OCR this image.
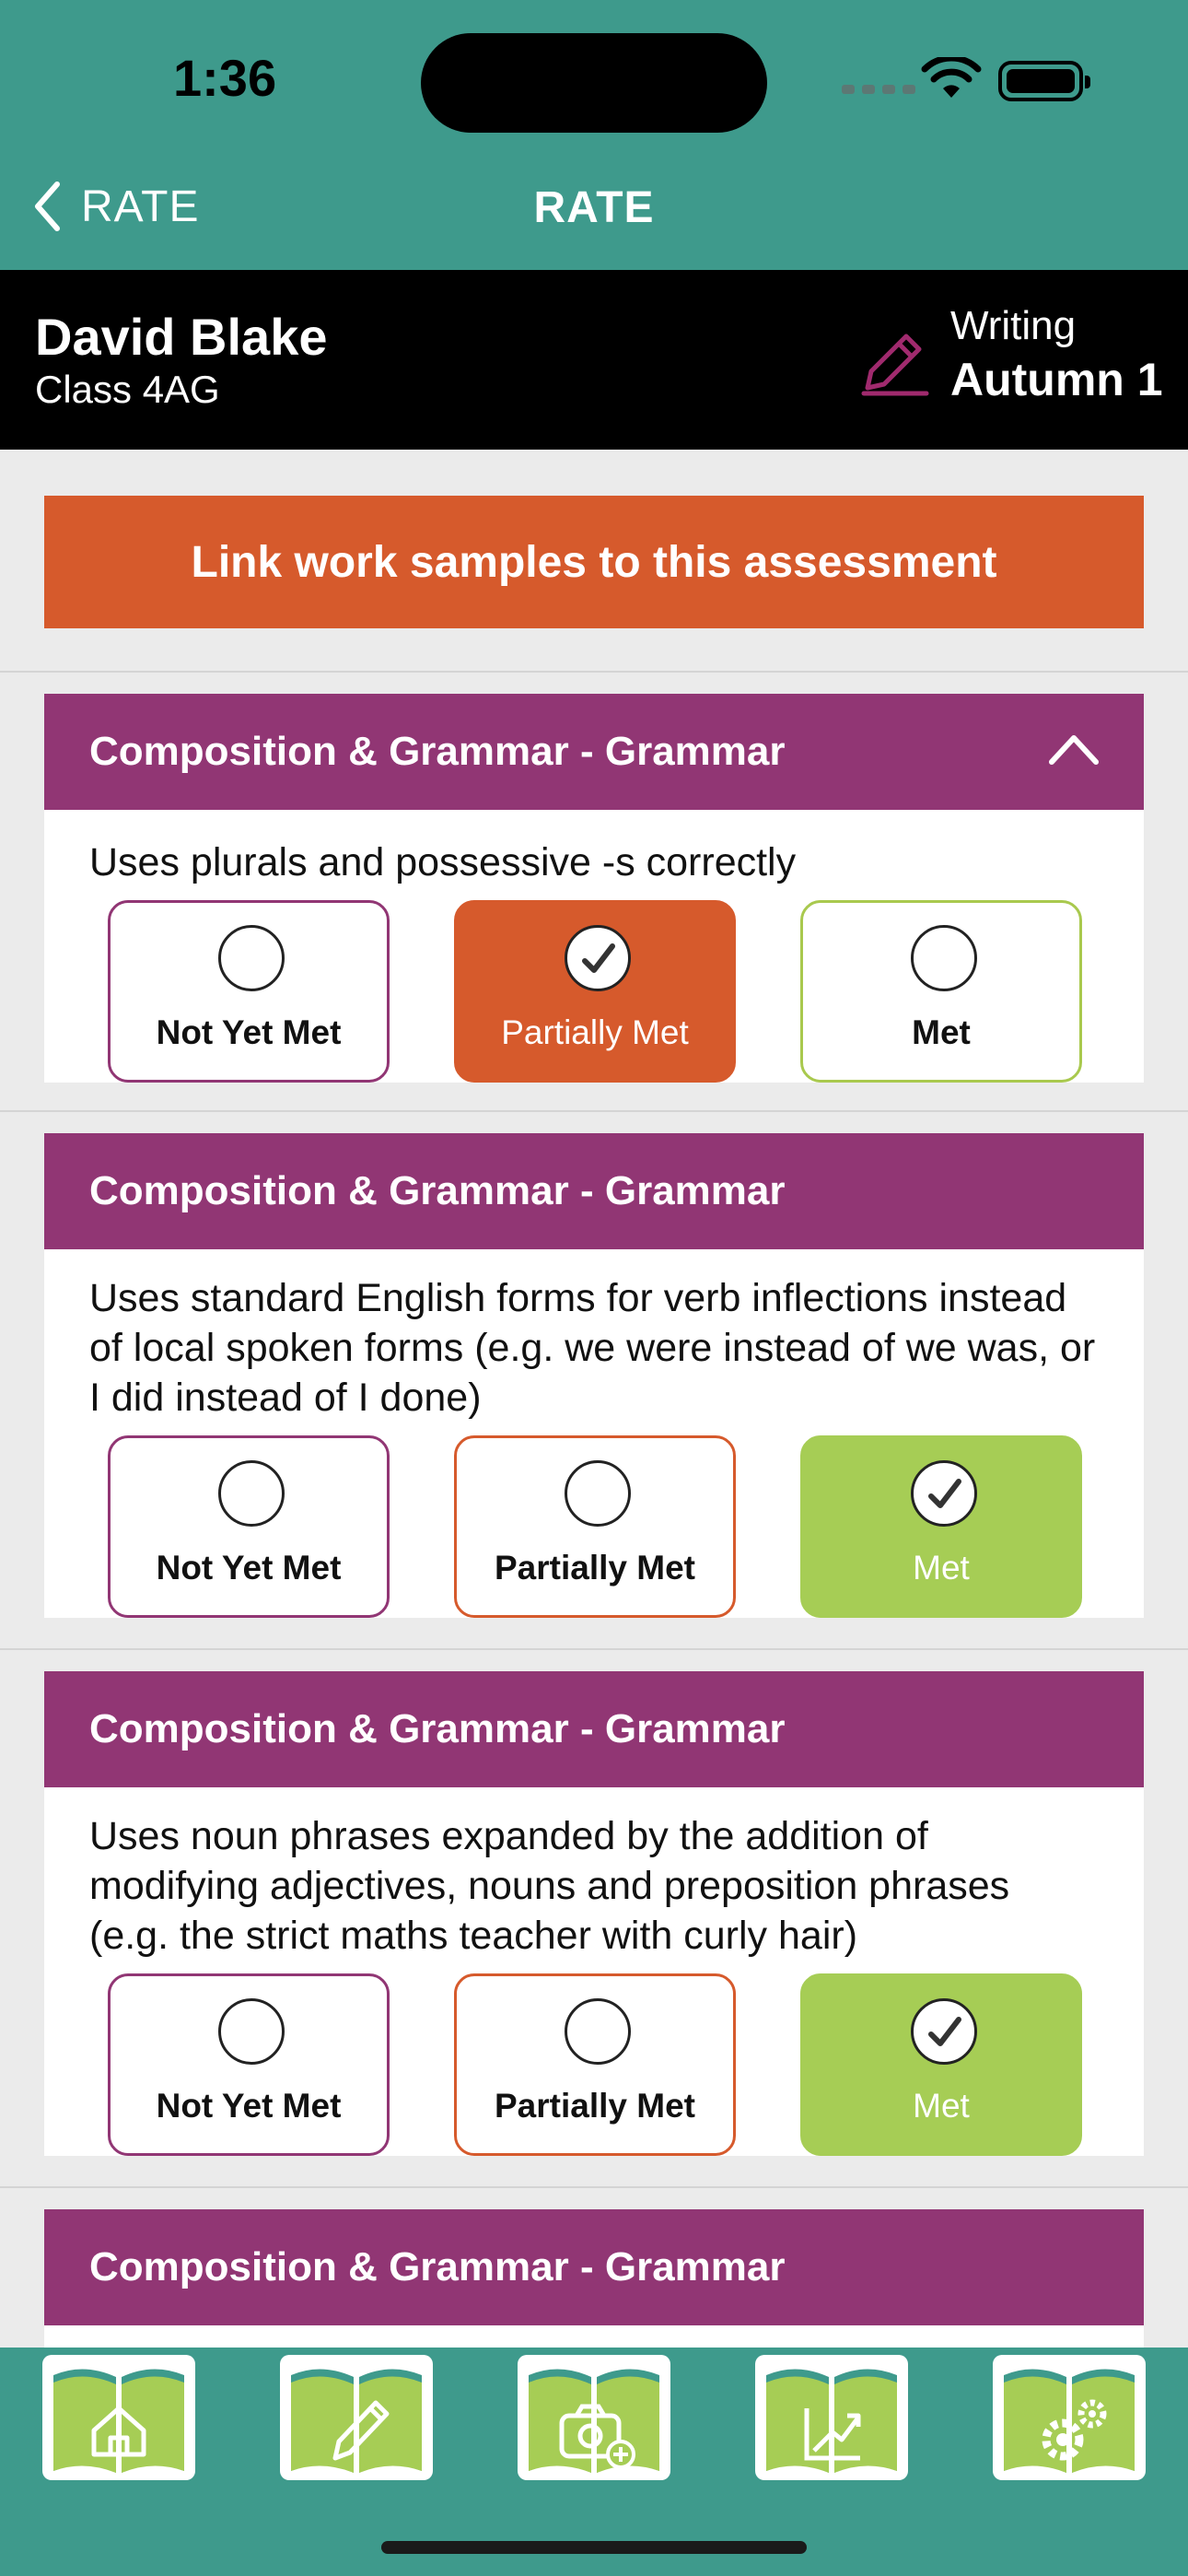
1:36
RATE	RATE
David Blake
Class 4AG
Writing
Autumn 1
Link work samples to this assessment
Composition & Grammar - Grammar
Uses plurals and possessive -s correctly
Not Yet Met	Partially Met	Met
Composition & Grammar - Grammar
Uses standard English forms for verb inflections instead of local spoken forms (e.g. we were instead of we was, or I did instead of I done)
Not Yet Met	Partially Met	Met
Composition & Grammar - Grammar
Uses noun phrases expanded by the addition of modifying adjectives, nouns and preposition phrases (e.g. the strict maths teacher with curly hair)
Not Yet Met	Partially Met	Met
Composition & Grammar - Grammar
